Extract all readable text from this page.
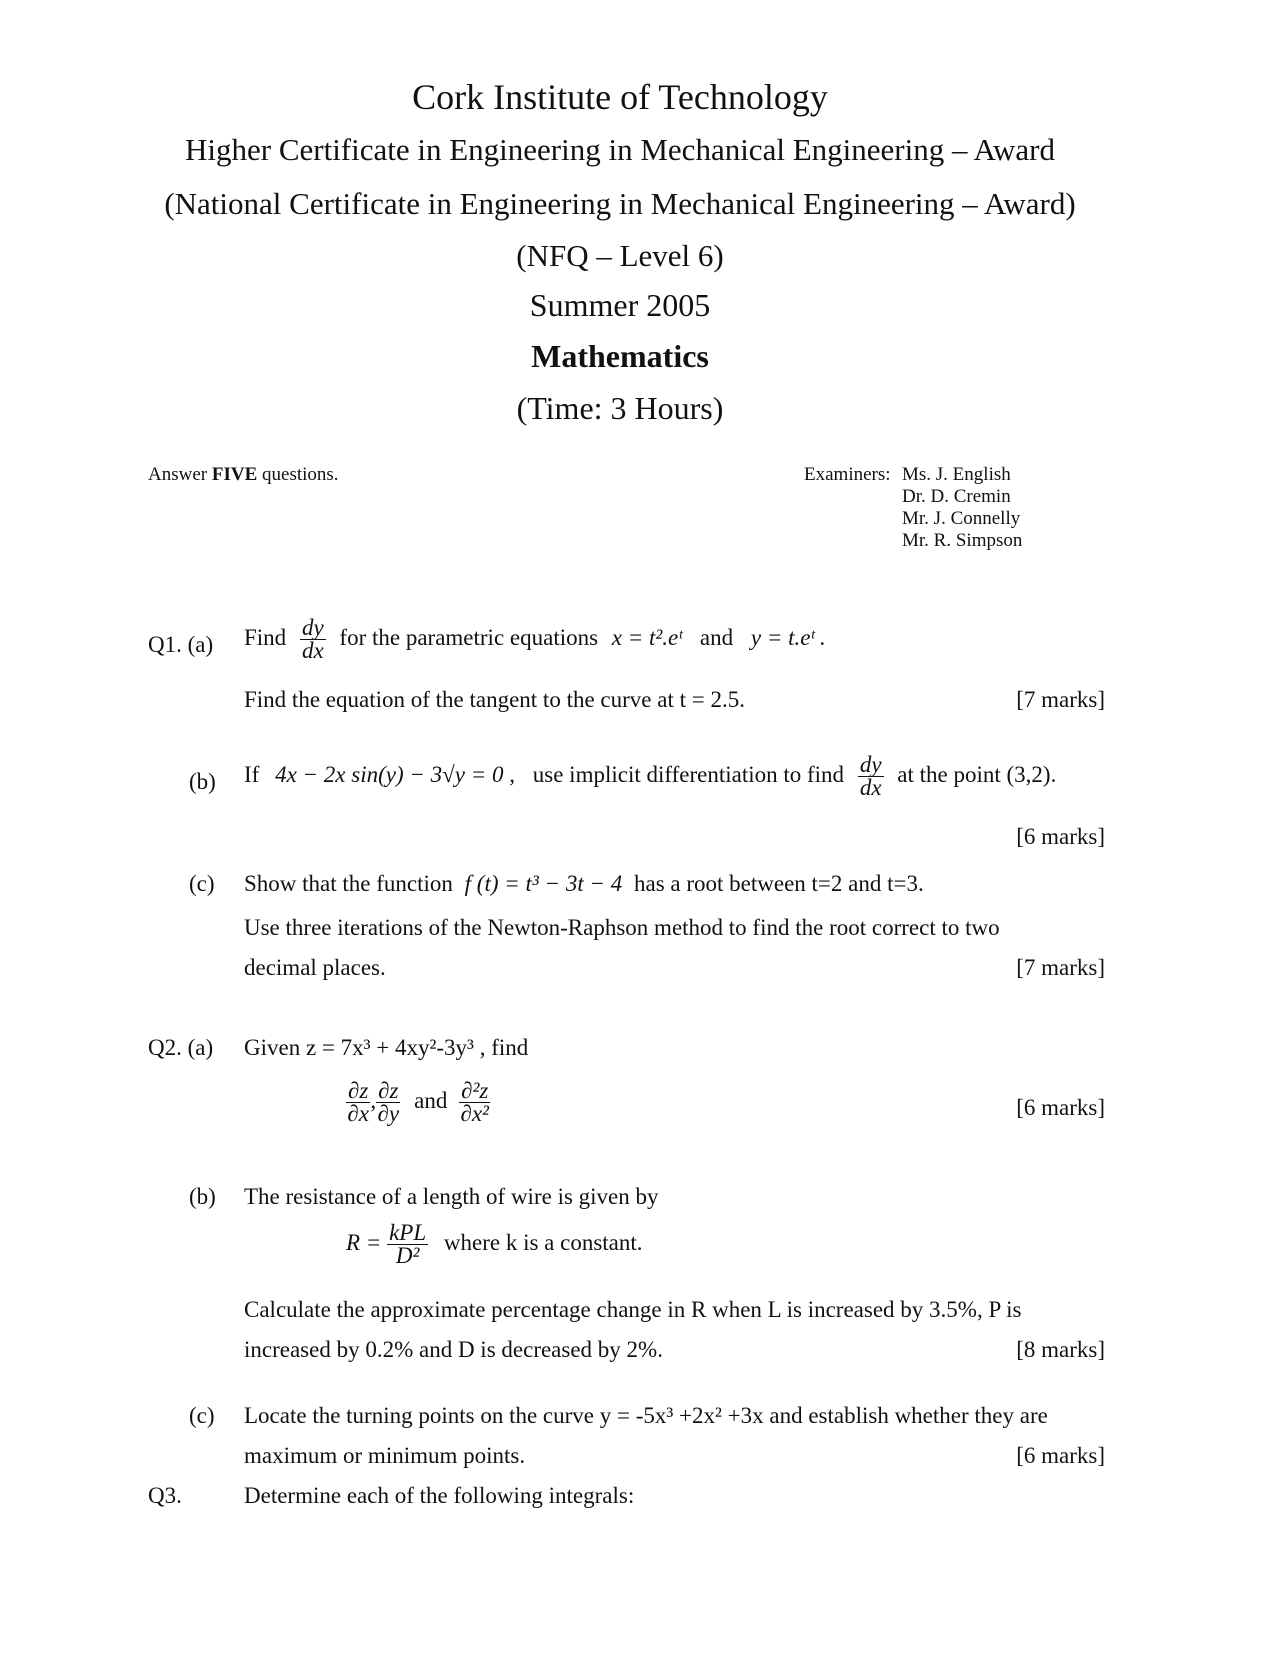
Cork Institute of Technology
Higher Certificate in Engineering in Mechanical Engineering – Award
(National Certificate in Engineering in Mechanical Engineering – Award)
(NFQ – Level 6)
Summer 2005
Mathematics
(Time: 3 Hours)
Answer FIVE questions.	Examiners: Ms. J. English
Dr. D. Cremin
Mr. J. Connelly
Mr. R. Simpson
Q1. (a) Find $\frac{dy}{dx}$ for the parametric equations x = t².eᵗ and y = t.eᵗ .
Find the equation of the tangent to the curve at t = 2.5.	[7 marks]
(b) If 4x − 2x sin(y) − 3√y = 0 , use implicit differentiation to find $\frac{dy}{dx}$ at the point (3,2).
[6 marks]
(c) Show that the function f (t) = t³ − 3t − 4 has a root between t=2 and t=3.
Use three iterations of the Newton-Raphson method to find the root correct to two
decimal places.	[7 marks]
Q2. (a) Given z = 7x³ + 4xy²-3y³ , find
$\frac{\partial z}{\partial x}$ , $\frac{\partial z}{\partial y}$ and $\frac{\text{∂²z}}{\text{∂x²}}$	[6 marks]
(b) The resistance of a length of wire is given by
$R = \frac{\text{kPL}}{\text{D²}}$ where k is a constant.
Calculate the approximate percentage change in R when L is increased by 3.5%, P is
increased by 0.2% and D is decreased by 2%.	[8 marks]
(c) Locate the turning points on the curve y = -5x³ +2x² +3x and establish whether they are
maximum or minimum points.	[6 marks]
Q3.	Determine each of the following integrals:
